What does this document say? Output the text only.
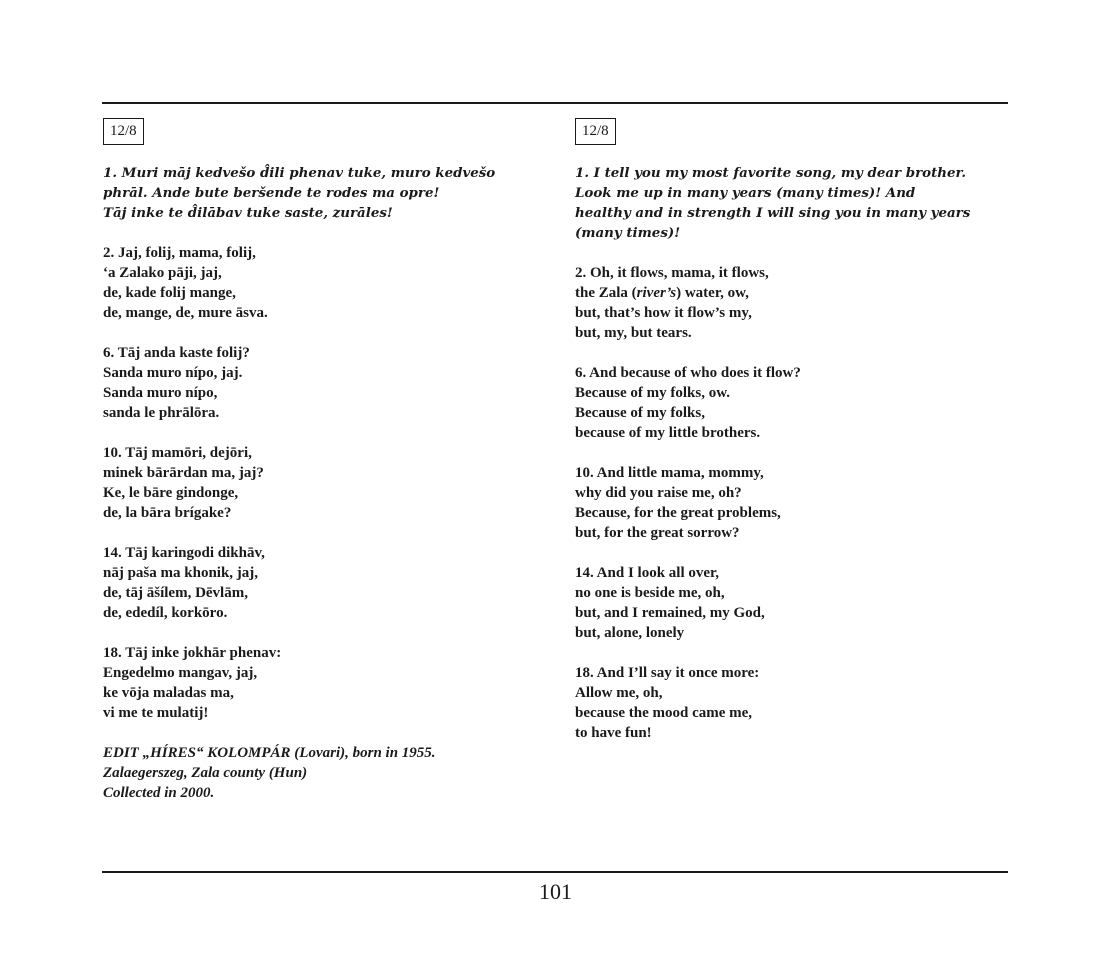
12/8
1. Muri māj kedvešo d̂ili phenav tuke, muro kedvešo
phrāl. Ande bute beršende te rodes ma opre!
Tāj inke te d̂ilābav tuke saste, zurāles!
2. Jaj, folij, mama, folij,
‘a Zalako pāji, jaj,
de, kade folij mange,
de, mange, de, mure āsva.
6. Tāj anda kaste folij?
Sanda muro nípo, jaj.
Sanda muro nípo,
sanda le phrālōra.
10. Tāj mamōri, dejōri,
minek bārārdan ma, jaj?
Ke, le bāre gindonge,
de, la bāra brígake?
14. Tāj karingodi dikhāv,
nāj paša ma khonik, jaj,
de, tāj āšílem, Dēvlām,
de, ededíl, korkōro.
18. Tāj inke jokhār phenav:
Engedelmo mangav, jaj,
ke vōja maladas ma,
vi me te mulatij!
EDIT „HÍRES“ KOLOMPÁR (Lovari), born in 1955.
Zalaegerszeg, Zala county (Hun)
Collected in 2000.
12/8
1. I tell you my most favorite song, my dear brother.
Look me up in many years (many times)! And
healthy and in strength I will sing you in many years
(many times)!
2. Oh, it flows, mama, it flows,
the Zala (river’s) water, ow,
but, that’s how it flow’s my,
but, my, but tears.
6. And because of who does it flow?
Because of my folks, ow.
Because of my folks,
because of my little brothers.
10. And little mama, mommy,
why did you raise me, oh?
Because, for the great problems,
but, for the great sorrow?
14. And I look all over,
no one is beside me, oh,
but, and I remained, my God,
but, alone, lonely
18. And I’ll say it once more:
Allow me, oh,
because the mood came me,
to have fun!
101
